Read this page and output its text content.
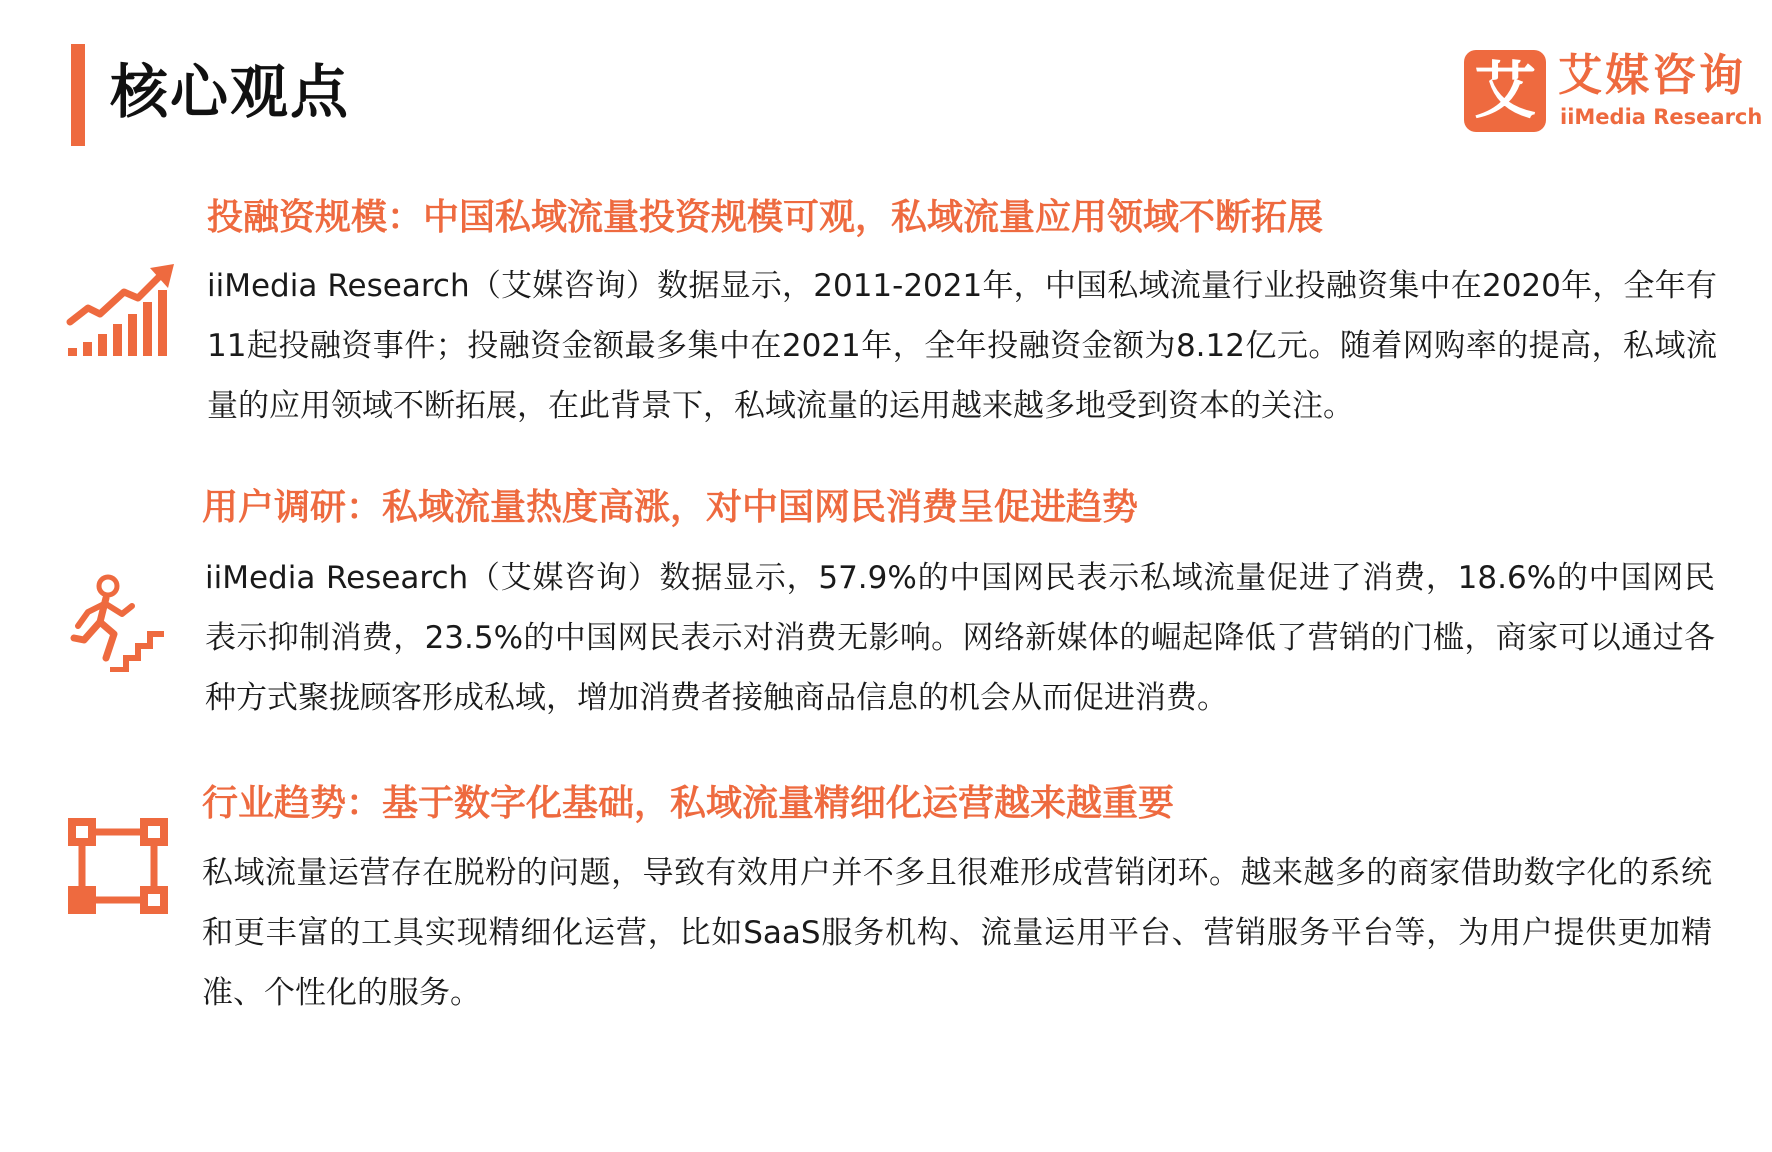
核心观点	艾 艾媒咨询
iiMedia Research
投融资规模：中国私域流量投资规模可观，私域流量应用领域不断拓展
iiMedia Research（艾媒咨询）数据显示，2011-2021年，中国私域流量行业投融资集中在2020年，全年有11起投融资事件；投融资金额最多集中在2021年，全年投融资金额为8.12亿元。随着网购率的提高，私域流量的应用领域不断拓展，在此背景下，私域流量的运用越来越多地受到资本的关注。
用户调研：私域流量热度高涨，对中国网民消费呈促进趋势
iiMedia Research（艾媒咨询）数据显示，57.9%的中国网民表示私域流量促进了消费，18.6%的中国网民表示抑制消费，23.5%的中国网民表示对消费无影响。网络新媒体的崛起降低了营销的门槛，商家可以通过各种方式聚拢顾客形成私域，增加消费者接触商品信息的机会从而促进消费。
行业趋势：基于数字化基础，私域流量精细化运营越来越重要
私域流量运营存在脱粉的问题，导致有效用户并不多且很难形成营销闭环。越来越多的商家借助数字化的系统和更丰富的工具实现精细化运营，比如SaaS服务机构、流量运用平台、营销服务平台等，为用户提供更加精准、个性化的服务。
